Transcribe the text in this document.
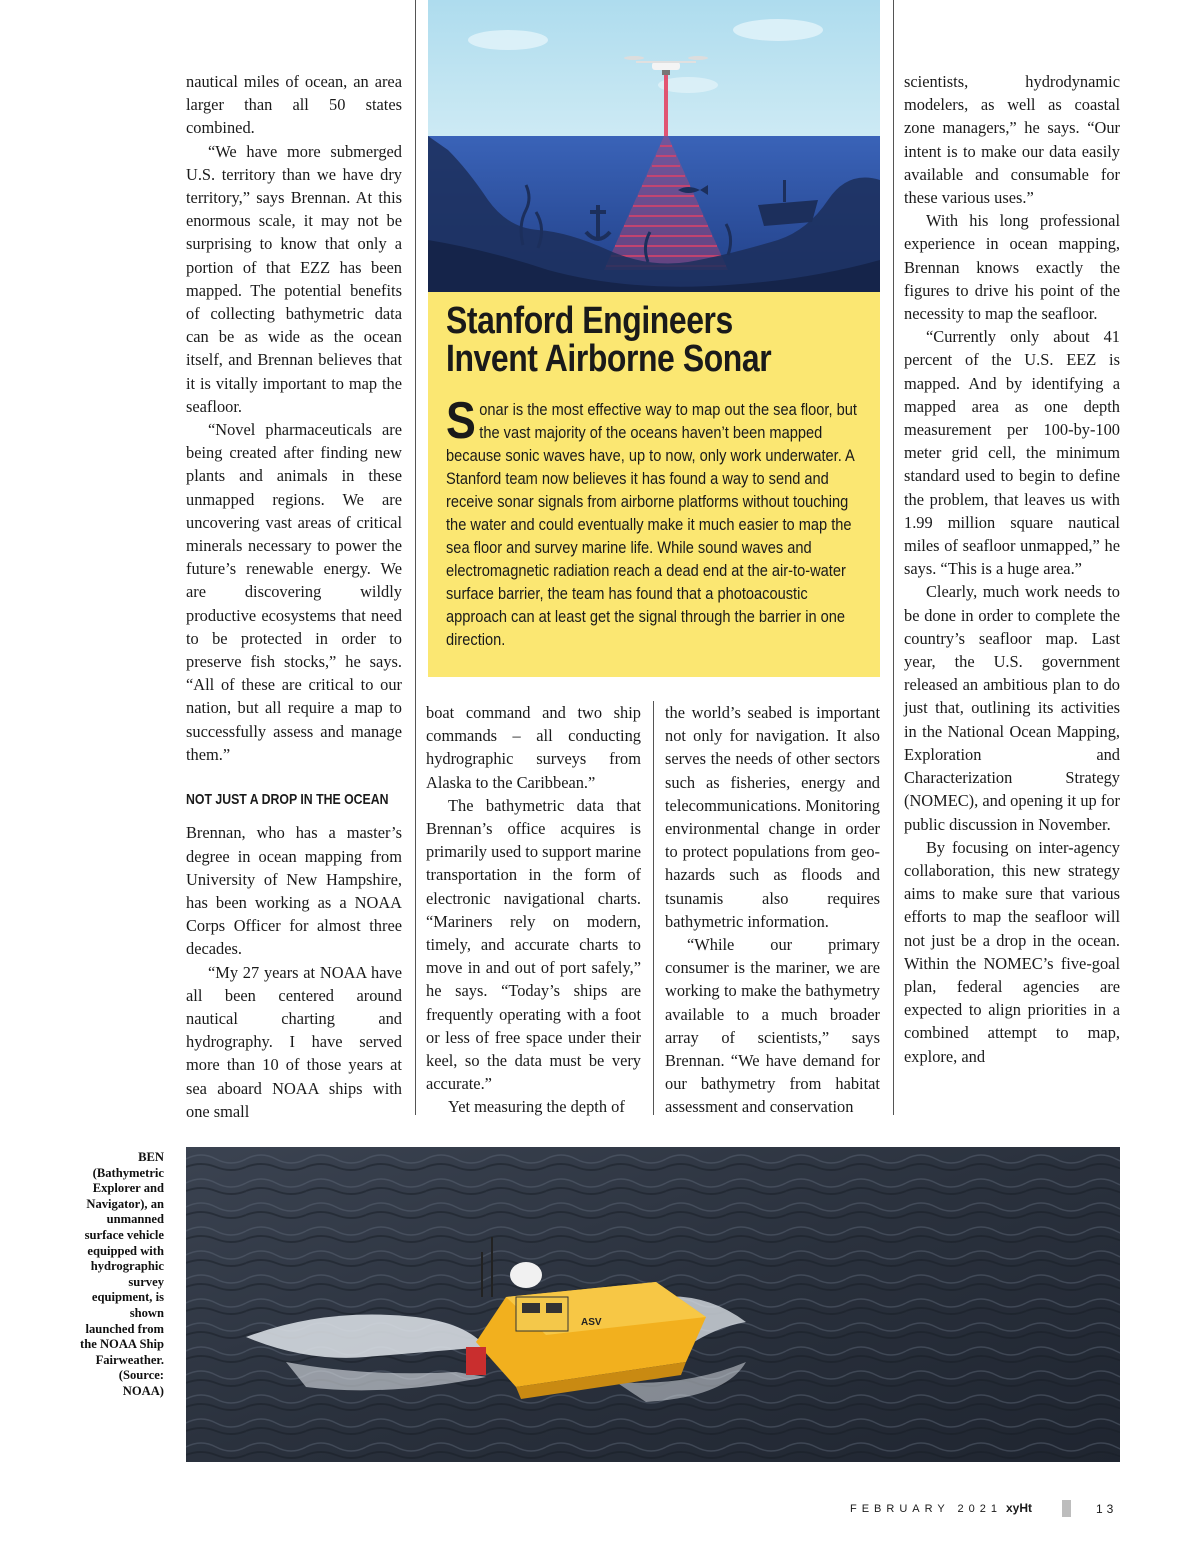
nautical miles of ocean, an area larger than all 50 states combined.

“We have more submerged U.S. territory than we have dry territory,” says Brennan. At this enormous scale, it may not be surprising to know that only a portion of that EZZ has been mapped. The potential benefits of collecting bathymetric data can be as wide as the ocean itself, and Brennan believes that it is vitally important to map the seafloor.

“Novel pharmaceuticals are being created after finding new plants and animals in these unmapped regions. We are uncovering vast areas of critical minerals necessary to power the future’s renewable energy. We are discovering wildly productive ecosystems that need to be protected in order to preserve fish stocks,” he says. “All of these are critical to our nation, but all require a map to successfully assess and manage them.”

NOT JUST A DROP IN THE OCEAN

Brennan, who has a master’s degree in ocean mapping from University of New Hampshire, has been working as a NOAA Corps Officer for almost three decades.

“My 27 years at NOAA have all been centered around nautical charting and hydrography. I have served more than 10 of those years at sea aboard NOAA ships with one small

Stanford Engineers
Invent Airborne Sonar
Sonar is the most effective way to map out the sea floor, but the vast majority of the oceans haven’t been mapped because sonic waves have, up to now, only work underwater. A Stanford team now believes it has found a way to send and receive sonar signals from airborne platforms without touching the water and could eventually make it much easier to map the sea floor and survey marine life. While sound waves and electromagnetic radiation reach a dead end at the air-to-water surface barrier, the team has found that a photoacoustic approach can at least get the signal through the barrier in one direction.

boat command and two ship commands – all conducting hydrographic surveys from Alaska to the Caribbean.”

The bathymetric data that Brennan’s office acquires is primarily used to support marine transportation in the form of electronic navigational charts. “Mariners rely on modern, timely, and accurate charts to move in and out of port safely,” he says. “Today’s ships are frequently operating with a foot or less of free space under their keel, so the data must be very accurate.”

Yet measuring the depth of

the world’s seabed is important not only for navigation. It also serves the needs of other sectors such as fisheries, energy and telecommunications. Monitoring environmental change in order to protect populations from geo-hazards such as floods and tsunamis also requires bathymetric information.

“While our primary consumer is the mariner, we are working to make the bathymetry available to a much broader array of scientists,” says Brennan. “We have demand for our bathymetry from habitat assessment and conservation

scientists, hydrodynamic modelers, as well as coastal zone managers,” he says. “Our intent is to make our data easily available and consumable for these various uses.”

With his long professional experience in ocean mapping, Brennan knows exactly the figures to drive his point of the necessity to map the seafloor.

“Currently only about 41 percent of the U.S. EEZ is mapped. And by identifying a mapped area as one depth measurement per 100-by-100 meter grid cell, the minimum standard used to begin to define the problem, that leaves us with 1.99 million square nautical miles of seafloor unmapped,” he says. “This is a huge area.”

Clearly, much work needs to be done in order to complete the country’s seafloor map. Last year, the U.S. government released an ambitious plan to do just that, outlining its activities in the National Ocean Mapping, Exploration and Characterization Strategy (NOMEC), and opening it up for public discussion in November.

By focusing on inter-agency collaboration, this new strategy aims to make sure that various efforts to map the seafloor will not just be a drop in the ocean. Within the NOMEC’s five-goal plan, federal agencies are expected to align priorities in a combined attempt to map, explore, and

BEN (Bathymetric Explorer and Navigator), an unmanned surface vehicle equipped with hydrographic survey equipment, is shown launched from the NOAA Ship Fairweather. (Source: NOAA)
ASV
FEBRUARY 2021 xyHt	13
